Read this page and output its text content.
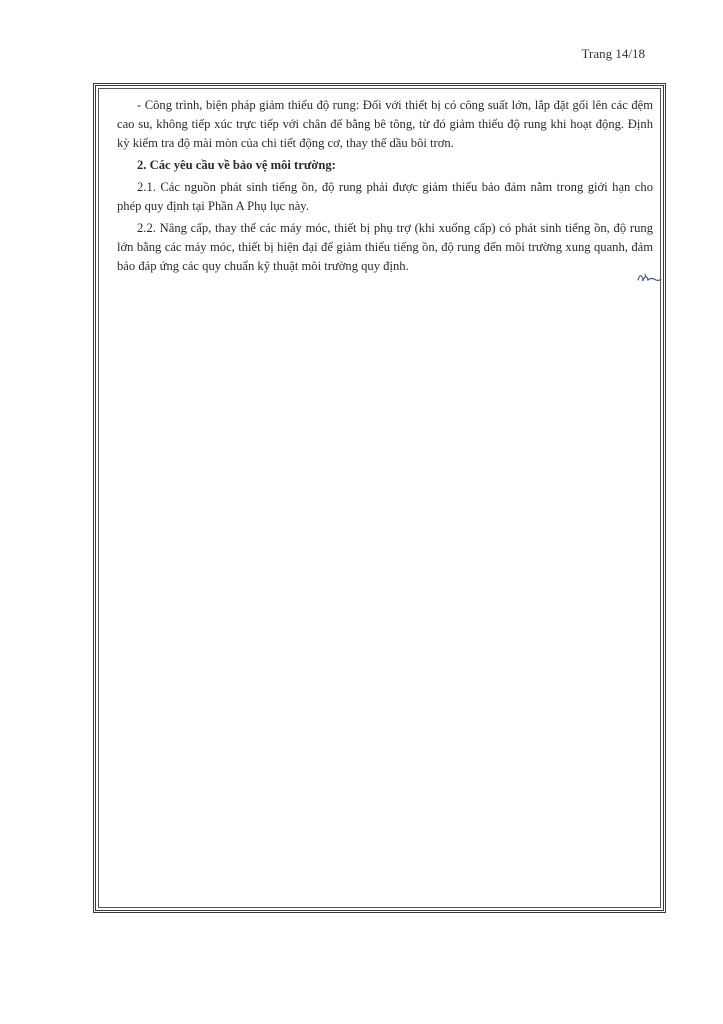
Trang 14/18

- Công trình, biện pháp giảm thiểu độ rung: Đối với thiết bị có công suất lớn, lắp đặt gối lên các đệm cao su, không tiếp xúc trực tiếp với chân đế bằng bê tông, từ đó giảm thiểu độ rung khi hoạt động. Định kỳ kiểm tra độ mài mòn của chi tiết động cơ, thay thế dầu bôi trơn.

2. Các yêu cầu về bảo vệ môi trường:

2.1. Các nguồn phát sinh tiếng ồn, độ rung phải được giảm thiểu bảo đảm nằm trong giới hạn cho phép quy định tại Phần A Phụ lục này.

2.2. Nâng cấp, thay thế các máy móc, thiết bị phụ trợ (khi xuống cấp) có phát sinh tiếng ồn, độ rung lớn bằng các máy móc, thiết bị hiện đại để giảm thiểu tiếng ồn, độ rung đến môi trường xung quanh, đảm bảo đáp ứng các quy chuẩn kỹ thuật môi trường quy định.
